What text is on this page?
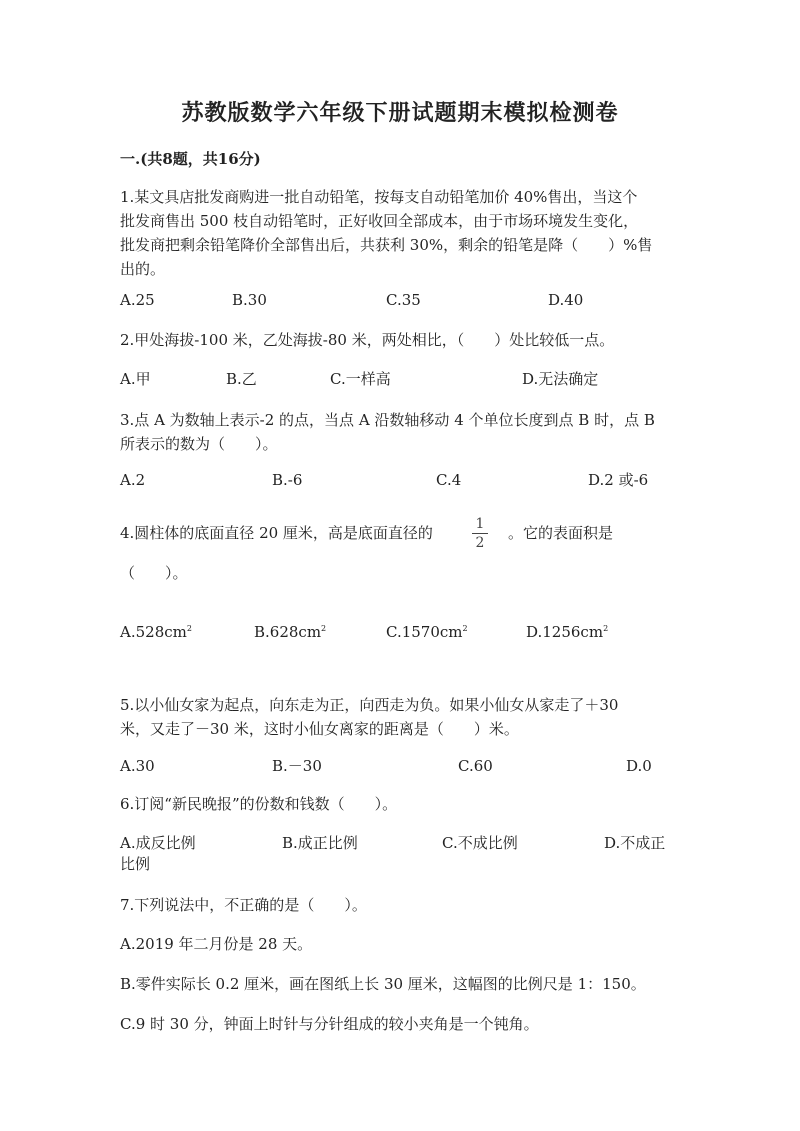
苏教版数学六年级下册试题期末模拟检测卷
一.(共8题，共16分)
1.某文具店批发商购进一批自动铅笔，按每支自动铅笔加价 40%售出，当这个
批发商售出 500 枝自动铅笔时，正好收回全部成本，由于市场环境发生变化，
批发商把剩余铅笔降价全部售出后，共获利 30%，剩余的铅笔是降（　　）%售
出的。
A.25	B.30	C.35	D.40
2.甲处海拔-100 米，乙处海拔-80 米，两处相比，（　　）处比较低一点。
A.甲	B.乙	C.一样高	D.无法确定
3.点 A 为数轴上表示-2 的点，当点 A 沿数轴移动 4 个单位长度到点 B 时，点 B
所表示的数为（　　）。
A.2	B.-6	C.4	D.2 或-6
4.圆柱体的底面直径 20 厘米，高是底面直径的	1
2
。它的表面积是
（　　）。
$A.528cm^2$	$B.628cm^2$	$C.1570cm^2$	$D.1256cm^2$
5.以小仙女家为起点，向东走为正，向西走为负。如果小仙女从家走了＋30
米，又走了－30 米，这时小仙女离家的距离是（　　）米。
A.30	B.－30	C.60	D.0
6.订阅“新民晚报”的份数和钱数（　　）。
A.成反比例	B.成正比例	C.不成比例	D.不成正
比例
7.下列说法中，不正确的是（　　）。
A.2019 年二月份是 28 天。
B.零件实际长 0.2 厘米，画在图纸上长 30 厘米，这幅图的比例尺是 1：150。
C.9 时 30 分，钟面上时针与分针组成的较小夹角是一个钝角。
